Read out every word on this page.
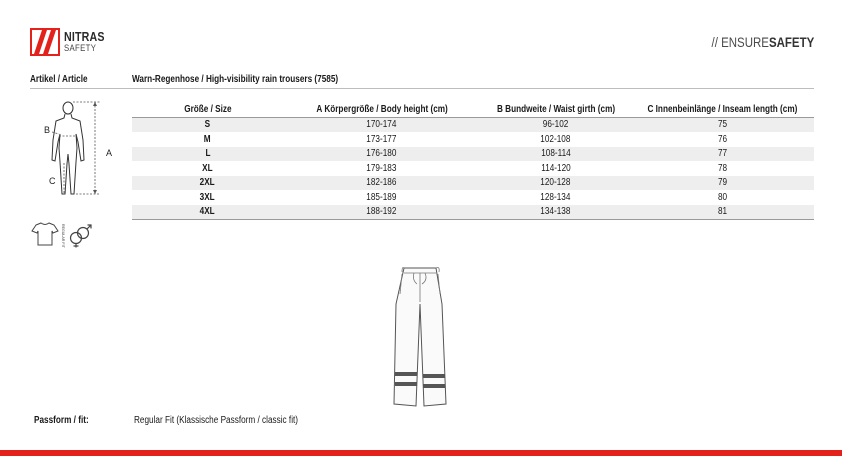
NITRAS
SAFETY	// ENSURESAFETY
Artikel / Article	Warn-Regenhose / High-visibility rain trousers (7585)
A
B
C
REGULAR FIT
Größe / Size	A Körpergröße / Body height (cm)	B Bundweite / Waist girth (cm)	C Innenbeinlänge / Inseam length (cm)
S	170-174	96-102	75
M	173-177	102-108	76
L	176-180	108-114	77
XL	179-183	114-120	78
2XL	182-186	120-128	79
3XL	185-189	128-134	80
4XL	188-192	134-138	81
Passform / fit:	Regular Fit (Klassische Passform / classic fit)
